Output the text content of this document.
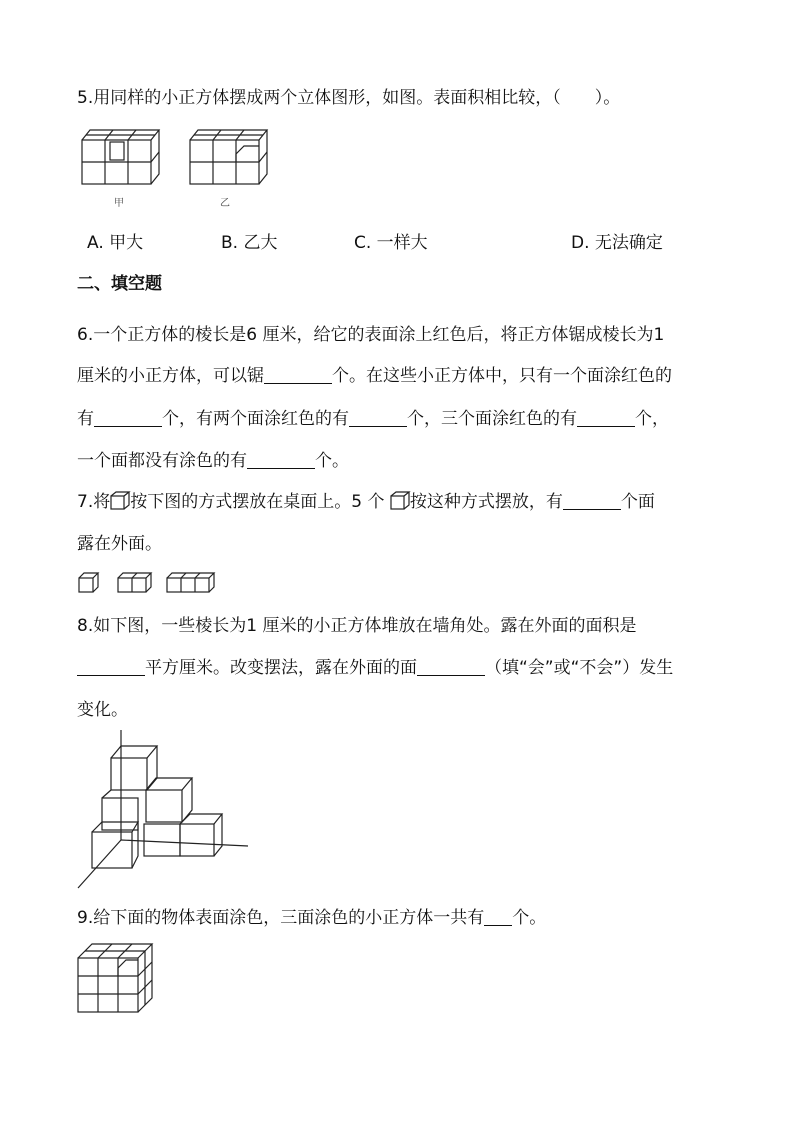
5.用同样的小正方体摆成两个立体图形，如图。表面积相比较，（　　）。
甲	乙
A. 甲大	B. 乙大	C. 一样大	D. 无法确定
二、填空题
6.一个正方体的棱长是6 厘米，给它的表面涂上红色后，将正方体锯成棱长为1
厘米的小正方体，可以锯	个。在这些小正方体中，只有一个面涂红色的
有	个，有两个面涂红色的有	个，三个面涂红色的有	个，
一个面都没有涂色的有	个。
7.将 按下图的方式摆放在桌面上。5 个 按这种方式摆放，有	个面
露在外面。
8.如下图，一些棱长为1 厘米的小正方体堆放在墙角处。露在外面的面积是
平方厘米。改变摆法，露在外面的面	（填“会”或“不会”）发生
变化。
9.给下面的物体表面涂色，三面涂色的小正方体一共有 个。
